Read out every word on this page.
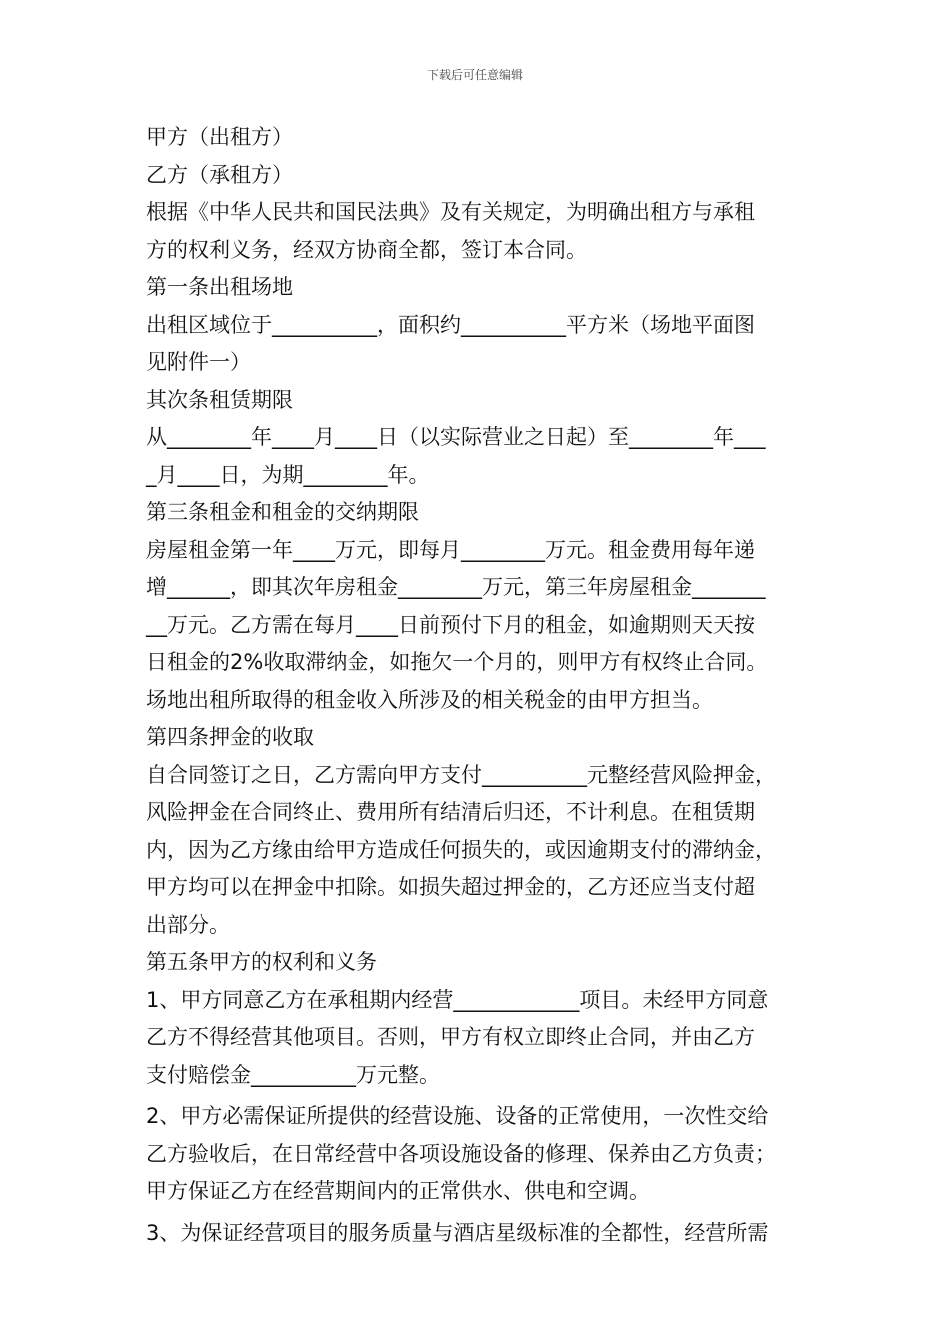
下载后可任意编辑
甲方（出租方）
乙方（承租方）
根据《中华人民共和国民法典》及有关规定，为明确出租方与承租
方的权利义务，经双方协商全都，签订本合同。
第一条出租场地
出租区域位于__________，面积约__________平方米（场地平面图
见附件一）
其次条租赁期限
从________年____月____日（以实际营业之日起）至________年___
_月____日，为期________年。
第三条租金和租金的交纳期限
房屋租金第一年____万元，即每月________万元。租金费用每年递
增______，即其次年房租金________万元，第三年房屋租金_______
__万元。乙方需在每月____日前预付下月的租金，如逾期则天天按
日租金的2%收取滞纳金，如拖欠一个月的，则甲方有权终止合同。
场地出租所取得的租金收入所涉及的相关税金的由甲方担当。
第四条押金的收取
自合同签订之日，乙方需向甲方支付__________元整经营风险押金，
风险押金在合同终止、费用所有结清后归还，不计利息。在租赁期
内，因为乙方缘由给甲方造成任何损失的，或因逾期支付的滞纳金，
甲方均可以在押金中扣除。如损失超过押金的，乙方还应当支付超
出部分。
第五条甲方的权利和义务
1、甲方同意乙方在承租期内经营____________项目。未经甲方同意
乙方不得经营其他项目。否则，甲方有权立即终止合同，并由乙方
支付赔偿金__________万元整。
2、甲方必需保证所提供的经营设施、设备的正常使用，一次性交给
乙方验收后，在日常经营中各项设施设备的修理、保养由乙方负责；
甲方保证乙方在经营期间内的正常供水、供电和空调。
3、为保证经营项目的服务质量与酒店星级标准的全都性，经营所需
